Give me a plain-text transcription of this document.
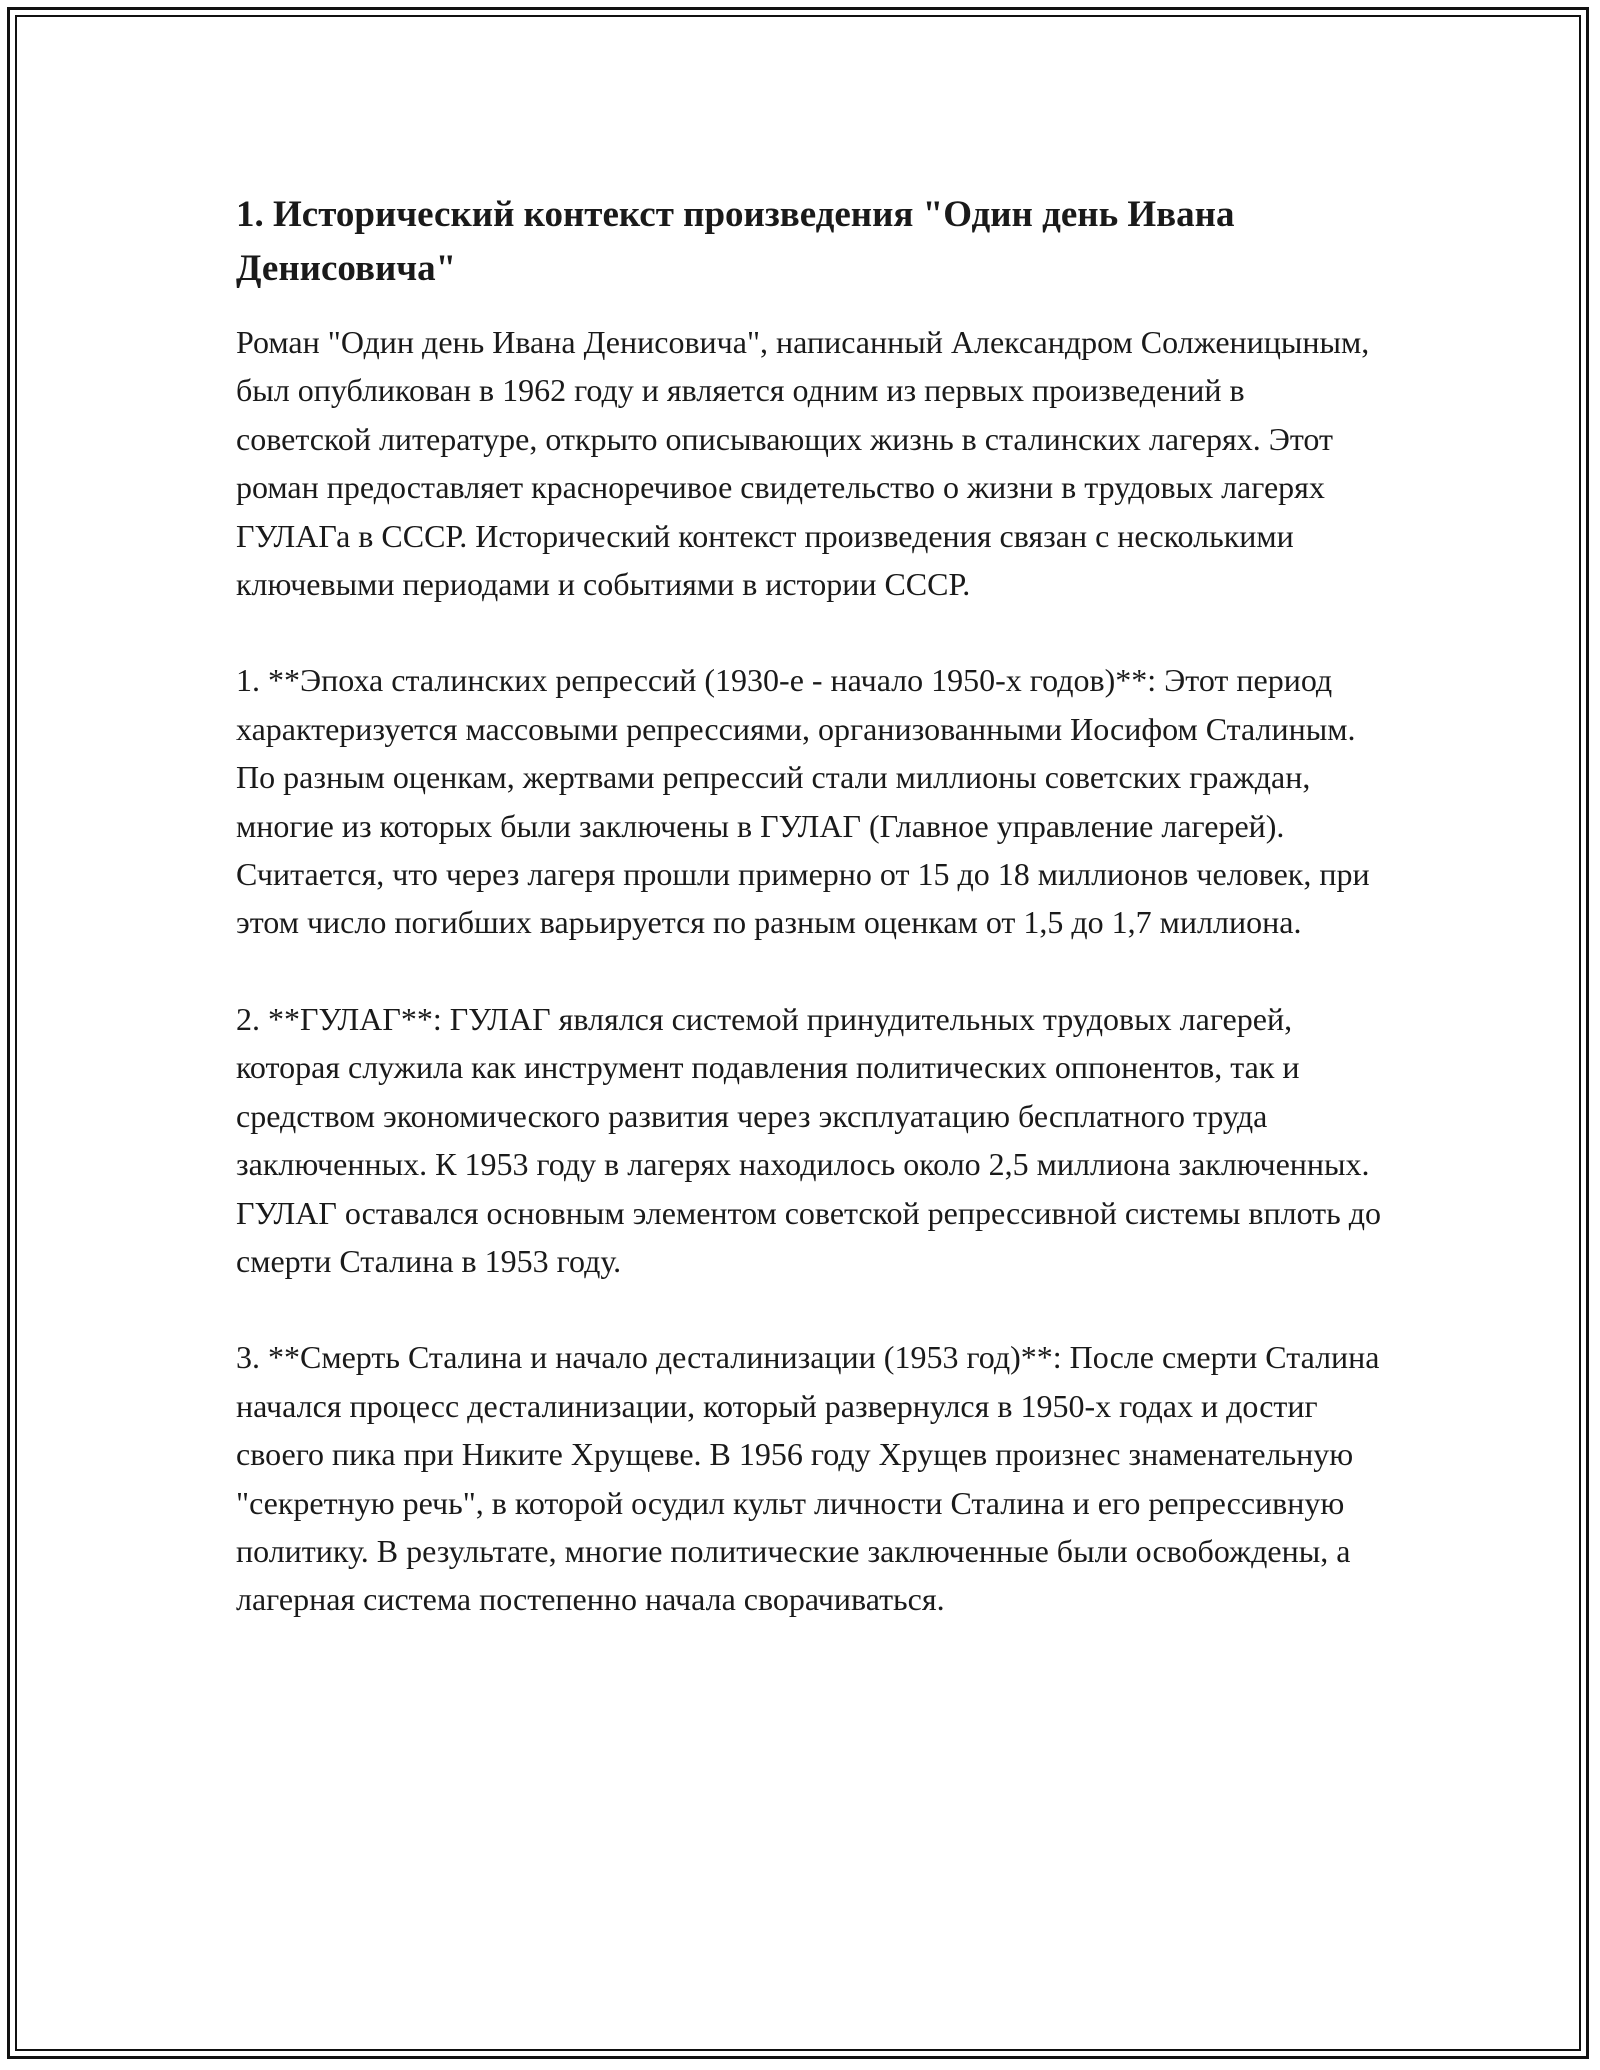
1. Исторический контекст произведения "Один день Ивана Денисовича"

Роман "Один день Ивана Денисовича", написанный Александром Солженицыным, был опубликован в 1962 году и является одним из первых произведений в советской литературе, открыто описывающих жизнь в сталинских лагерях. Этот роман предоставляет красноречивое свидетельство о жизни в трудовых лагерях ГУЛАГа в СССР. Исторический контекст произведения связан с несколькими ключевыми периодами и событиями в истории СССР.

1. **Эпоха сталинских репрессий (1930-е - начало 1950-х годов)**: Этот период характеризуется массовыми репрессиями, организованными Иосифом Сталиным. По разным оценкам, жертвами репрессий стали миллионы советских граждан, многие из которых были заключены в ГУЛАГ (Главное управление лагерей). Считается, что через лагеря прошли примерно от 15 до 18 миллионов человек, при этом число погибших варьируется по разным оценкам от 1,5 до 1,7 миллиона.

2. **ГУЛАГ**: ГУЛАГ являлся системой принудительных трудовых лагерей, которая служила как инструмент подавления политических оппонентов, так и средством экономического развития через эксплуатацию бесплатного труда заключенных. К 1953 году в лагерях находилось около 2,5 миллиона заключенных. ГУЛАГ оставался основным элементом советской репрессивной системы вплоть до смерти Сталина в 1953 году.

3. **Смерть Сталина и начало десталинизации (1953 год)**: После смерти Сталина начался процесс десталинизации, который развернулся в 1950-х годах и достиг своего пика при Никите Хрущеве. В 1956 году Хрущев произнес знаменательную "секретную речь", в которой осудил культ личности Сталина и его репрессивную политику. В результате, многие политические заключенные были освобождены, а лагерная система постепенно начала сворачиваться.
